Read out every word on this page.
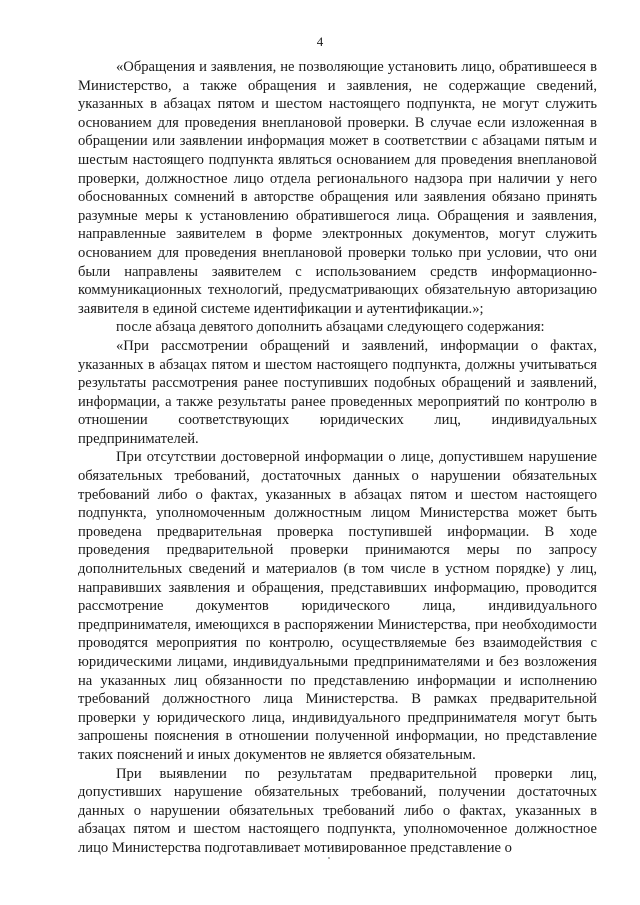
4

«Обращения и заявления, не позволяющие установить лицо, обратившееся в Министерство, а также обращения и заявления, не содержащие сведений, указанных в абзацах пятом и шестом настоящего подпункта, не могут служить основанием для проведения внеплановой проверки. В случае если изложенная в обращении или заявлении информация может в соответствии с абзацами пятым и шестым настоящего подпункта являться основанием для проведения внеплановой проверки, должностное лицо отдела регионального надзора при наличии у него обоснованных сомнений в авторстве обращения или заявления обязано принять разумные меры к установлению обратившегося лица. Обращения и заявления, направленные заявителем в форме электронных документов, могут служить основанием для проведения внеплановой проверки только при условии, что они были направлены заявителем с использованием средств информационно-коммуникационных технологий, предусматривающих обязательную авторизацию заявителя в единой системе идентификации и аутентификации.»;

после абзаца девятого дополнить абзацами следующего содержания:

«При рассмотрении обращений и заявлений, информации о фактах, указанных в абзацах пятом и шестом настоящего подпункта, должны учитываться результаты рассмотрения ранее поступивших подобных обращений и заявлений, информации, а также результаты ранее проведенных мероприятий по контролю в отношении соответствующих юридических лиц, индивидуальных предпринимателей.

При отсутствии достоверной информации о лице, допустившем нарушение обязательных требований, достаточных данных о нарушении обязательных требований либо о фактах, указанных в абзацах пятом и шестом настоящего подпункта, уполномоченным должностным лицом Министерства может быть проведена предварительная проверка поступившей информации. В ходе проведения предварительной проверки принимаются меры по запросу дополнительных сведений и материалов (в том числе в устном порядке) у лиц, направивших заявления и обращения, представивших информацию, проводится рассмотрение документов юридического лица, индивидуального предпринимателя, имеющихся в распоряжении Министерства, при необходимости проводятся мероприятия по контролю, осуществляемые без взаимодействия с юридическими лицами, индивидуальными предпринимателями и без возложения на указанных лиц обязанности по представлению информации и исполнению требований должностного лица Министерства. В рамках предварительной проверки у юридического лица, индивидуального предпринимателя могут быть запрошены пояснения в отношении полученной информации, но представление таких пояснений и иных документов не является обязательным.

При выявлении по результатам предварительной проверки лиц, допустивших нарушение обязательных требований, получении достаточных данных о нарушении обязательных требований либо о фактах, указанных в абзацах пятом и шестом настоящего подпункта, уполномоченное должностное лицо Министерства подготавливает мотивированное представление о
